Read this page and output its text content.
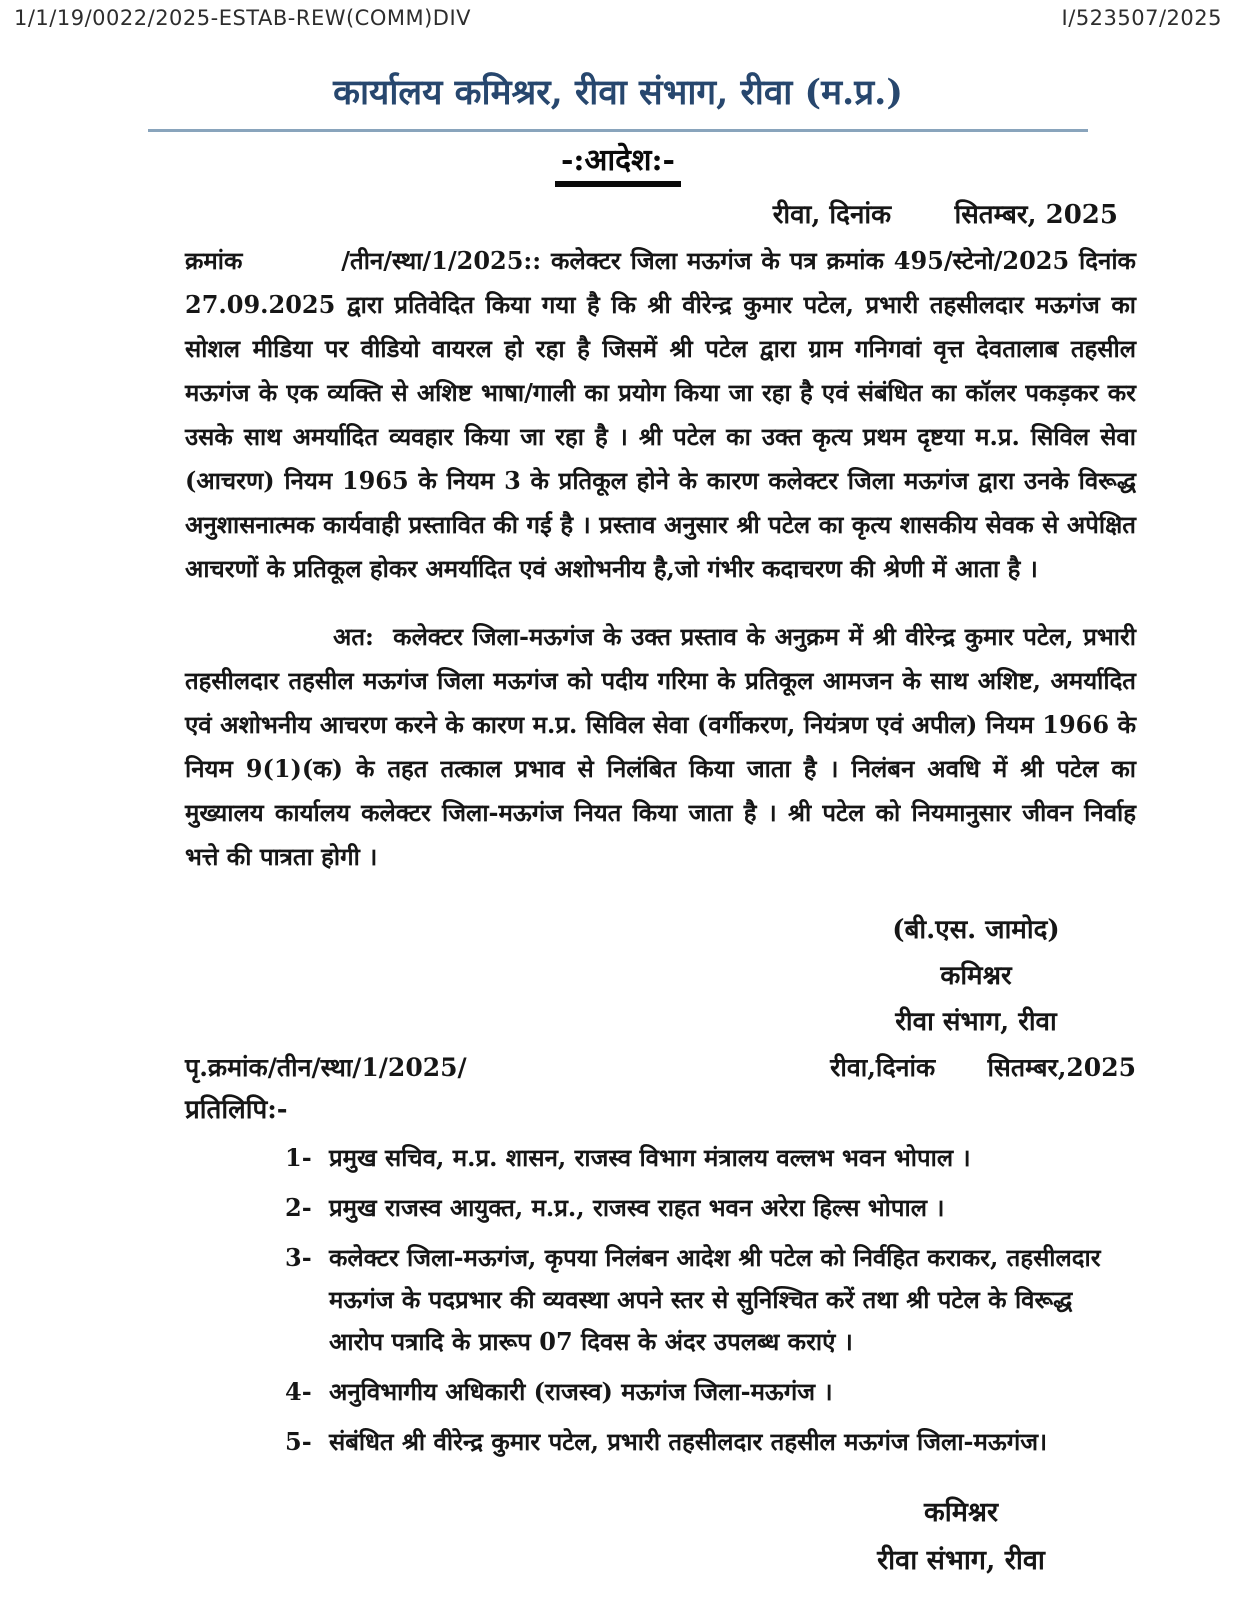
1/1/19/0022/2025-ESTAB-REW(COMM)DIV	I/523507/2025
कार्यालय कमिश्रर, रीवा संभाग, रीवा (म.प्र.)
-:आदेश:-
रीवा, दिनांक       सितम्बर, 2025
क्रमांक          /तीन/स्था/1/2025:: कलेक्टर जिला मऊगंज के पत्र क्रमांक 495/स्टेनो/2025 दिनांक 27.09.2025 द्वारा प्रतिवेदित किया गया है कि श्री वीरेन्द्र कुमार पटेल, प्रभारी तहसीलदार मऊगंज का सोशल मीडिया पर वीडियो वायरल हो रहा है जिसमें श्री पटेल द्वारा ग्राम गनिगवां वृत्त देवतालाब तहसील मऊगंज के एक व्यक्ति से अशिष्ट भाषा/गाली का प्रयोग किया जा रहा है एवं संबंधित का कॉलर पकड़कर कर उसके साथ अमर्यादित व्यवहार किया जा रहा है । श्री पटेल का उक्त कृत्य प्रथम दृष्टया म.प्र. सिविल सेवा (आचरण) नियम 1965 के नियम 3 के प्रतिकूल होने के कारण कलेक्टर जिला मऊगंज द्वारा उनके विरूद्ध अनुशासनात्मक कार्यवाही प्रस्तावित की गई है । प्रस्ताव अनुसार श्री पटेल का कृत्य शासकीय सेवक से अपेक्षित आचरणों के प्रतिकूल होकर अमर्यादित एवं अशोभनीय है,जो गंभीर कदाचरण की श्रेणी में आता है ।
अत:  कलेक्टर जिला-मऊगंज के उक्त प्रस्ताव के अनुक्रम में श्री वीरेन्द्र कुमार पटेल, प्रभारी तहसीलदार तहसील मऊगंज जिला मऊगंज को पदीय गरिमा के प्रतिकूल आमजन के साथ अशिष्ट, अमर्यादित एवं अशोभनीय आचरण करने के कारण म.प्र. सिविल सेवा (वर्गीकरण, नियंत्रण एवं अपील) नियम 1966 के नियम 9(1)(क) के तहत तत्काल प्रभाव से निलंबित किया जाता है । निलंबन अवधि में श्री पटेल का मुख्यालय कार्यालय कलेक्टर जिला-मऊगंज नियत किया जाता है । श्री पटेल को नियमानुसार जीवन निर्वाह भत्ते की पात्रता होगी ।
(बी.एस. जामोद)
कमिश्नर
रीवा संभाग, रीवा
पृ.क्रमांक/तीन/स्था/1/2025/	रीवा,दिनांक      सितम्बर,2025
प्रतिलिपि:-
1- प्रमुख सचिव, म.प्र. शासन, राजस्व विभाग मंत्रालय वल्लभ भवन भोपाल ।
2- प्रमुख राजस्व आयुक्त, म.प्र., राजस्व राहत भवन अरेरा हिल्स भोपाल ।
3- कलेक्टर जिला-मऊगंज, कृपया निलंबन आदेश श्री पटेल को निर्वहित कराकर, तहसीलदार मऊगंज के पदप्रभार की व्यवस्था अपने स्तर से सुनिश्चित करें तथा श्री पटेल के विरूद्ध आरोप पत्रादि के प्रारूप 07 दिवस के अंदर उपलब्ध कराएं ।
4- अनुविभागीय अधिकारी (राजस्व) मऊगंज जिला-मऊगंज ।
5- संबंधित श्री वीरेन्द्र कुमार पटेल, प्रभारी तहसीलदार तहसील मऊगंज जिला-मऊगंज।
कमिश्नर
रीवा संभाग, रीवा
